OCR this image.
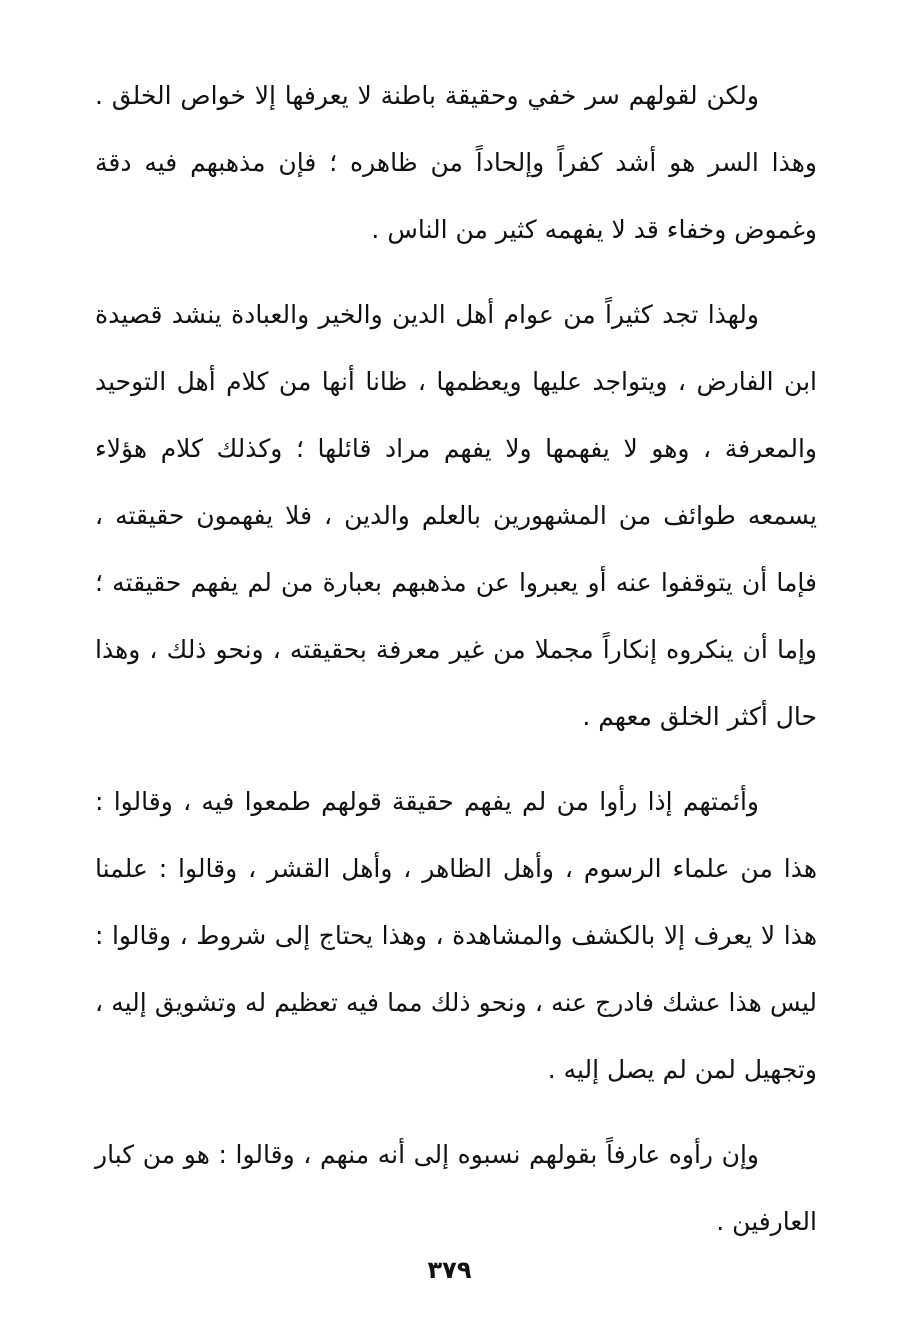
ولكن لقولهم سر خفي وحقيقة باطنة لا يعرفها إلا خواص الخلق . وهذا السر هو أشد كفراً وإلحاداً من ظاهره ؛ فإن مذهبهم فيه دقة وغموض وخفاء قد لا يفهمه كثير من الناس .

ولهذا تجد كثيراً من عوام أهل الدين والخير والعبادة ينشد قصيدة ابن الفارض ، ويتواجد عليها ويعظمها ، ظانا أنها من كلام أهل التوحيد والمعرفة ، وهو لا يفهمها ولا يفهم مراد قائلها ؛ وكذلك كلام هؤلاء يسمعه طوائف من المشهورين بالعلم والدين ، فلا يفهمون حقيقته ، فإما أن يتوقفوا عنه أو يعبروا عن مذهبهم بعبارة من لم يفهم حقيقته ؛ وإما أن ينكروه إنكاراً مجملا من غير معرفة بحقيقته ، ونحو ذلك ، وهذا حال أكثر الخلق معهم .

وأئمتهم إذا رأوا من لم يفهم حقيقة قولهم طمعوا فيه ، وقالوا : هذا من علماء الرسوم ، وأهل الظاهر ، وأهل القشر ، وقالوا : علمنا هذا لا يعرف إلا بالكشف والمشاهدة ، وهذا يحتاج إلى شروط ، وقالوا : ليس هذا عشك فادرج عنه ، ونحو ذلك مما فيه تعظيم له وتشويق إليه ، وتجهيل لمن لم يصل إليه .

وإن رأوه عارفاً بقولهم نسبوه إلى أنه منهم ، وقالوا : هو من كبار العارفين .

٣٧٩
